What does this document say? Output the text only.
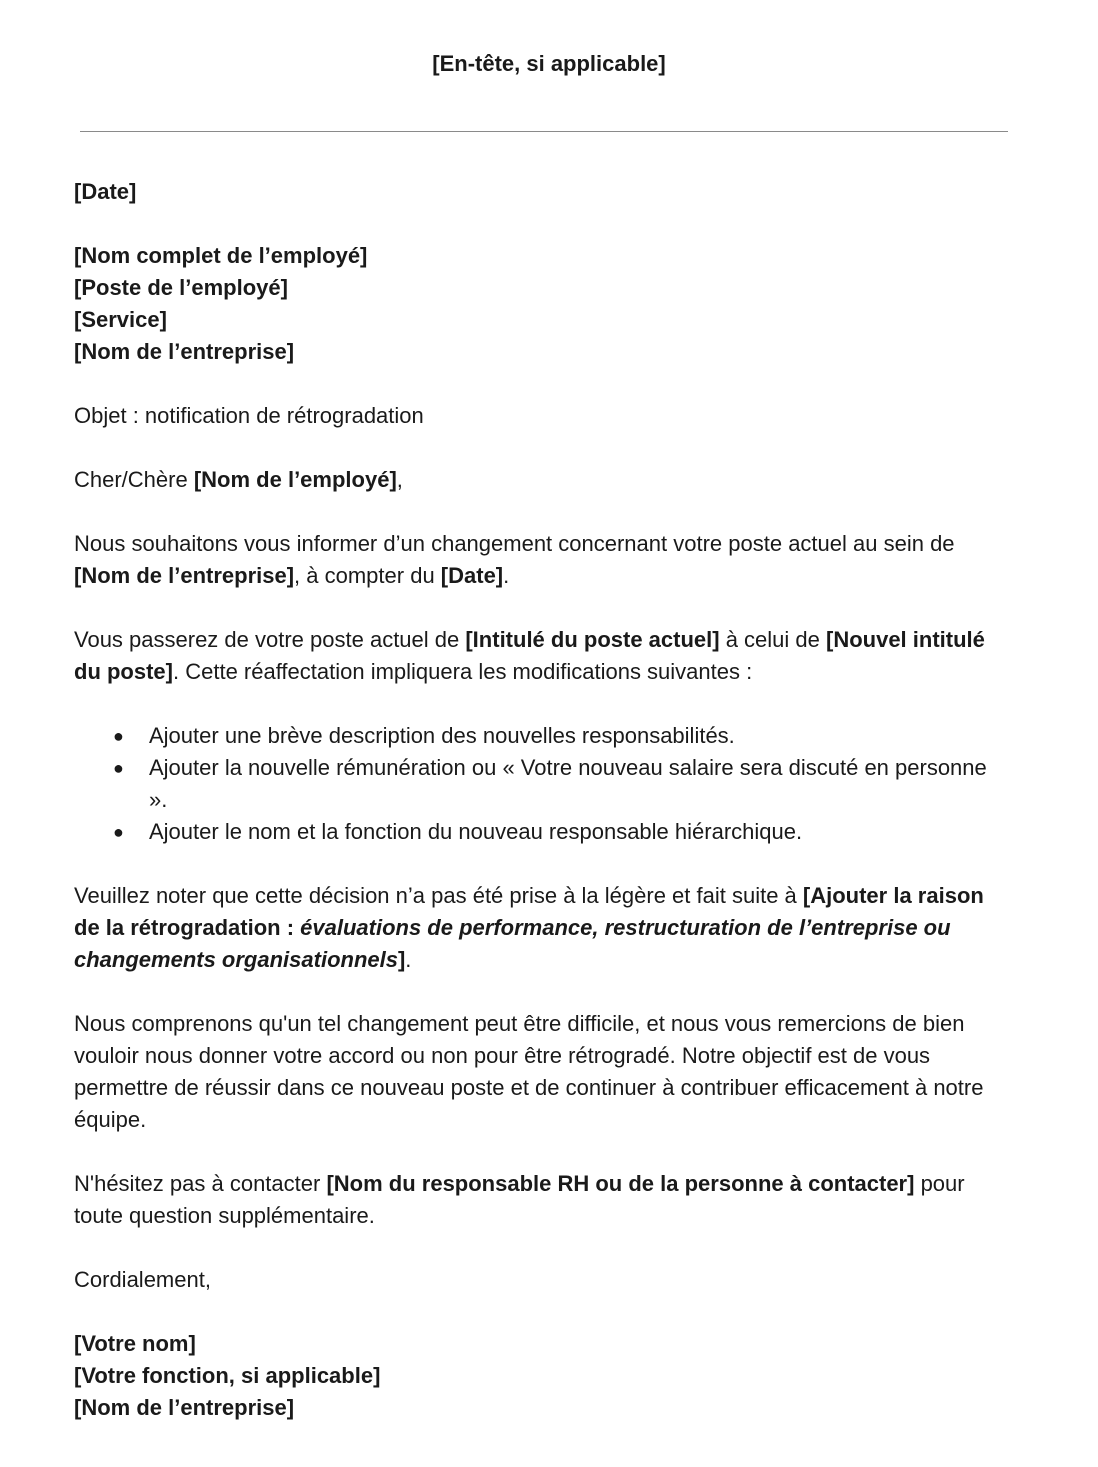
[En-tête, si applicable]

[Date]

[Nom complet de l’employé]
[Poste de l’employé]
[Service]
[Nom de l’entreprise]

Objet : notification de rétrogradation

Cher/Chère [Nom de l’employé],

Nous souhaitons vous informer d’un changement concernant votre poste actuel au sein de [Nom de l’entreprise], à compter du [Date].

Vous passerez de votre poste actuel de [Intitulé du poste actuel] à celui de [Nouvel intitulé du poste]. Cette réaffectation impliquera les modifications suivantes :

● Ajouter une brève description des nouvelles responsabilités.
● Ajouter la nouvelle rémunération ou « Votre nouveau salaire sera discuté en personne ».
● Ajouter le nom et la fonction du nouveau responsable hiérarchique.

Veuillez noter que cette décision n’a pas été prise à la légère et fait suite à [Ajouter la raison de la rétrogradation : évaluations de performance, restructuration de l’entreprise ou changements organisationnels].

Nous comprenons qu'un tel changement peut être difficile, et nous vous remercions de bien vouloir nous donner votre accord ou non pour être rétrogradé. Notre objectif est de vous permettre de réussir dans ce nouveau poste et de continuer à contribuer efficacement à notre équipe.

N'hésitez pas à contacter [Nom du responsable RH ou de la personne à contacter] pour toute question supplémentaire.

Cordialement,

[Votre nom]
[Votre fonction, si applicable]
[Nom de l’entreprise]
